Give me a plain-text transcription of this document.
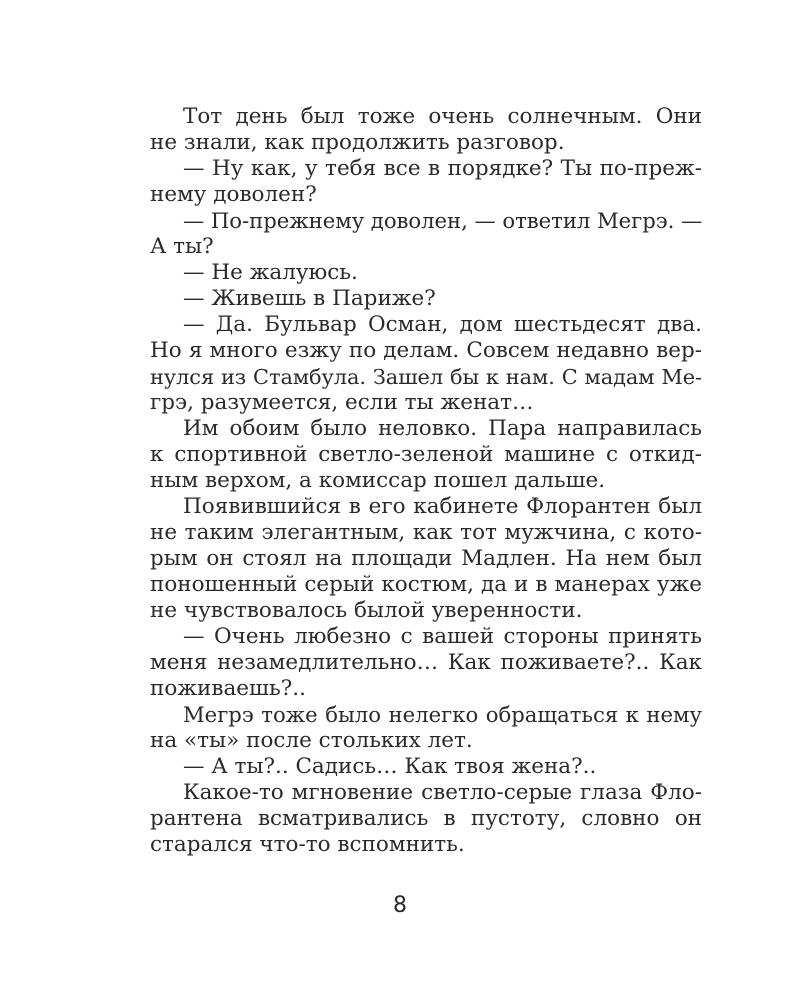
Тот день был тоже очень солнечным. Они
не знали, как продолжить разговор.
— Ну как, у тебя все в порядке? Ты по-преж-
нему доволен?
— По-прежнему доволен, — ответил Мегрэ. —
А ты?
— Не жалуюсь.
— Живешь в Париже?
— Да. Бульвар Осман, дом шестьдесят два.
Но я много езжу по делам. Совсем недавно вер-
нулся из Стамбула. Зашел бы к нам. С мадам Ме-
грэ, разумеется, если ты женат…
Им обоим было неловко. Пара направилась
к спортивной светло-зеленой машине с откид-
ным верхом, а комиссар пошел дальше.
Появившийся в его кабинете Флорантен был
не таким элегантным, как тот мужчина, с кото-
рым он стоял на площади Мадлен. На нем был
поношенный серый костюм, да и в манерах уже
не чувствовалось былой уверенности.
— Очень любезно с вашей стороны принять
меня незамедлительно… Как поживаете?.. Как
поживаешь?..
Мегрэ тоже было нелегко обращаться к нему
на «ты» после стольких лет.
— А ты?.. Садись… Как твоя жена?..
Какое-то мгновение светло-серые глаза Фло-
рантена всматривались в пустоту, словно он
старался что-то вспомнить.
8
